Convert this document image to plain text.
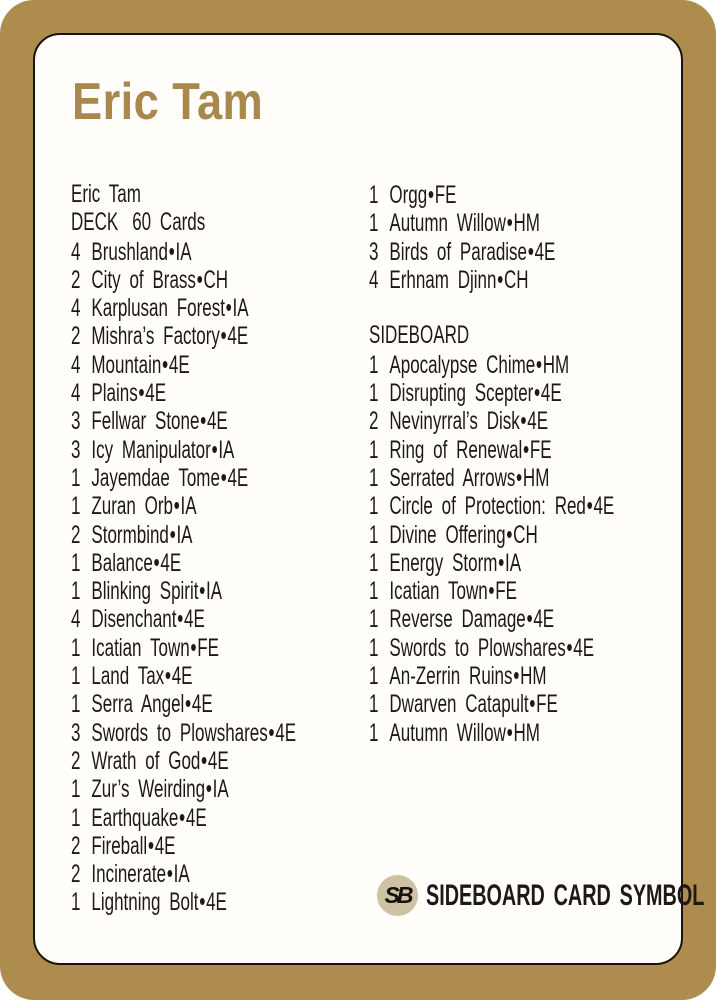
Eric Tam
Eric Tam
DECK 60 Cards
4 Brushland•IA
2 City of Brass•CH
4 Karplusan Forest•IA
2 Mishra’s Factory•4E
4 Mountain•4E
4 Plains•4E
3 Fellwar Stone•4E
3 Icy Manipulator•IA
1 Jayemdae Tome•4E
1 Zuran Orb•IA
2 Stormbind•IA
1 Balance•4E
1 Blinking Spirit•IA
4 Disenchant•4E
1 Icatian Town•FE
1 Land Tax•4E
1 Serra Angel•4E
3 Swords to Plowshares•4E
2 Wrath of God•4E
1 Zur’s Weirding•IA
1 Earthquake•4E
2 Fireball•4E
2 Incinerate•IA
1 Lightning Bolt•4E
1 Orgg•FE
1 Autumn Willow•HM
3 Birds of Paradise•4E
4 Erhnam Djinn•CH
SIDEBOARD
1 Apocalypse Chime•HM
1 Disrupting Scepter•4E
2 Nevinyrral’s Disk•4E
1 Ring of Renewal•FE
1 Serrated Arrows•HM
1 Circle of Protection: Red•4E
1 Divine Offering•CH
1 Energy Storm•IA
1 Icatian Town•FE
1 Reverse Damage•4E
1 Swords to Plowshares•4E
1 An-Zerrin Ruins•HM
1 Dwarven Catapult•FE
1 Autumn Willow•HM
SB SIDEBOARD CARD SYMBOL
